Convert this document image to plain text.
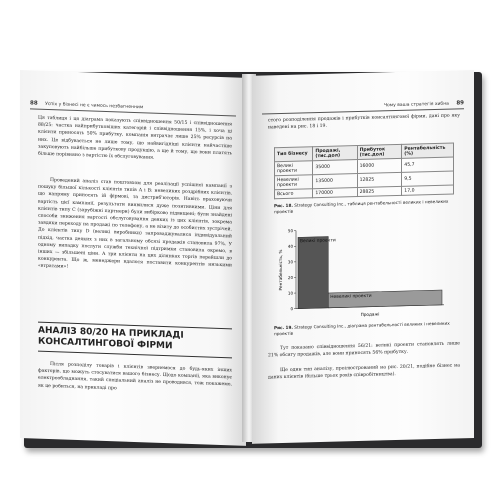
88 Успіх у бізнесі не є чимось незбагненним
Ця таблиця і ця діаграма показують співвідношення 50/15 і співвідношення 88/25: частка найприбутковіших категорій і співвідношення 15%, і хоча ці клієнти приносять 50% прибутку, компанія витрачає лише 25% ресурсів на них. Це відбувається не лише тому, що найвигідніші клієнти найчастіше закуповують найбільше прибуткову продукцію, а ще й тому, що вони платять більше порівняно з вартістю їх обслуговування.
Проведений аналіз став поштовхом для реалізації успішної кампанії з пошуку більшої кількості клієнтів типів А і В: невеликих роздрібних клієнтів, що напряму приносять ій фірмові, та дистриб'юторів. Навіть враховуючи вартість цієї кампанії, результати виявилися дуже позитивними. Ціни для клієнтів типу С (зарубіжні партнери) були вибірково підвищені; були знайдені способи зниження вартості обслуговування деяких із цих клієнтів, зокрема завдяки переходу на продажі по телефону, а не візиту до особистих зустрічей. До клієнтів типу D (великі виробники) запроваджувалися індивідуальний підхід, частка деяких з них в загальному обсязі продажів становила 97%. У одному випадку послуги служби технічної підтримки становила окремо, в інших — збільшені ціни. А три клієнти на цих ділянках торгів перейшли до конкурента. Що ж, менеджери вдалося поставити конкурентів низькими «втратами»!
АНАЛІЗ 80/20 НА ПРИКЛАДІ КОНСАЛТИНГОВОЇ ФІРМИ
Після розподілу товарів і клієнтів звернемося до будь-яких інших факторів, що можуть стосуватися вашого бізнесу. Щодо компанії, яка виконує електрообладнання, такий спеціальний аналіз не проводився, тож покажемо, як це робиться, на прикладі про
Чому ваша стратегія хибна 89
стого розподілення продажів і прибутків консалтингової фірми, дані про яку наведені на рис. 18 і 19.
Тип бізнесу	Продажі, (тис.дол)	Прибуток (тис.дол)	Рентабельність (%)
Великі проекти	35000	16000	45,7
Невеликі проекти	135000	12825	9,5
Всього	170000	28825	17,0
Рис. 18. Strategy Consulting Inc., таблиця рентабельності великих і невеликих проектів
0
10
20
30
40
50
Великі проекти
Невеликі проекти
Рентабельність, %
Продажі
Рис. 19. Strategy Consulting Inc., діаграма рентабельності великих і невеликих проектів
Тут показано співвідношення 56/21: великі проекти становлять лише 21% обсягу продажів, але вони приносять 56% прибутку.
Ще один тип аналізу, проілюстрований на рис. 20/21, подібне бізнес на даних клієнтів (більше трьох років співробітництва).
